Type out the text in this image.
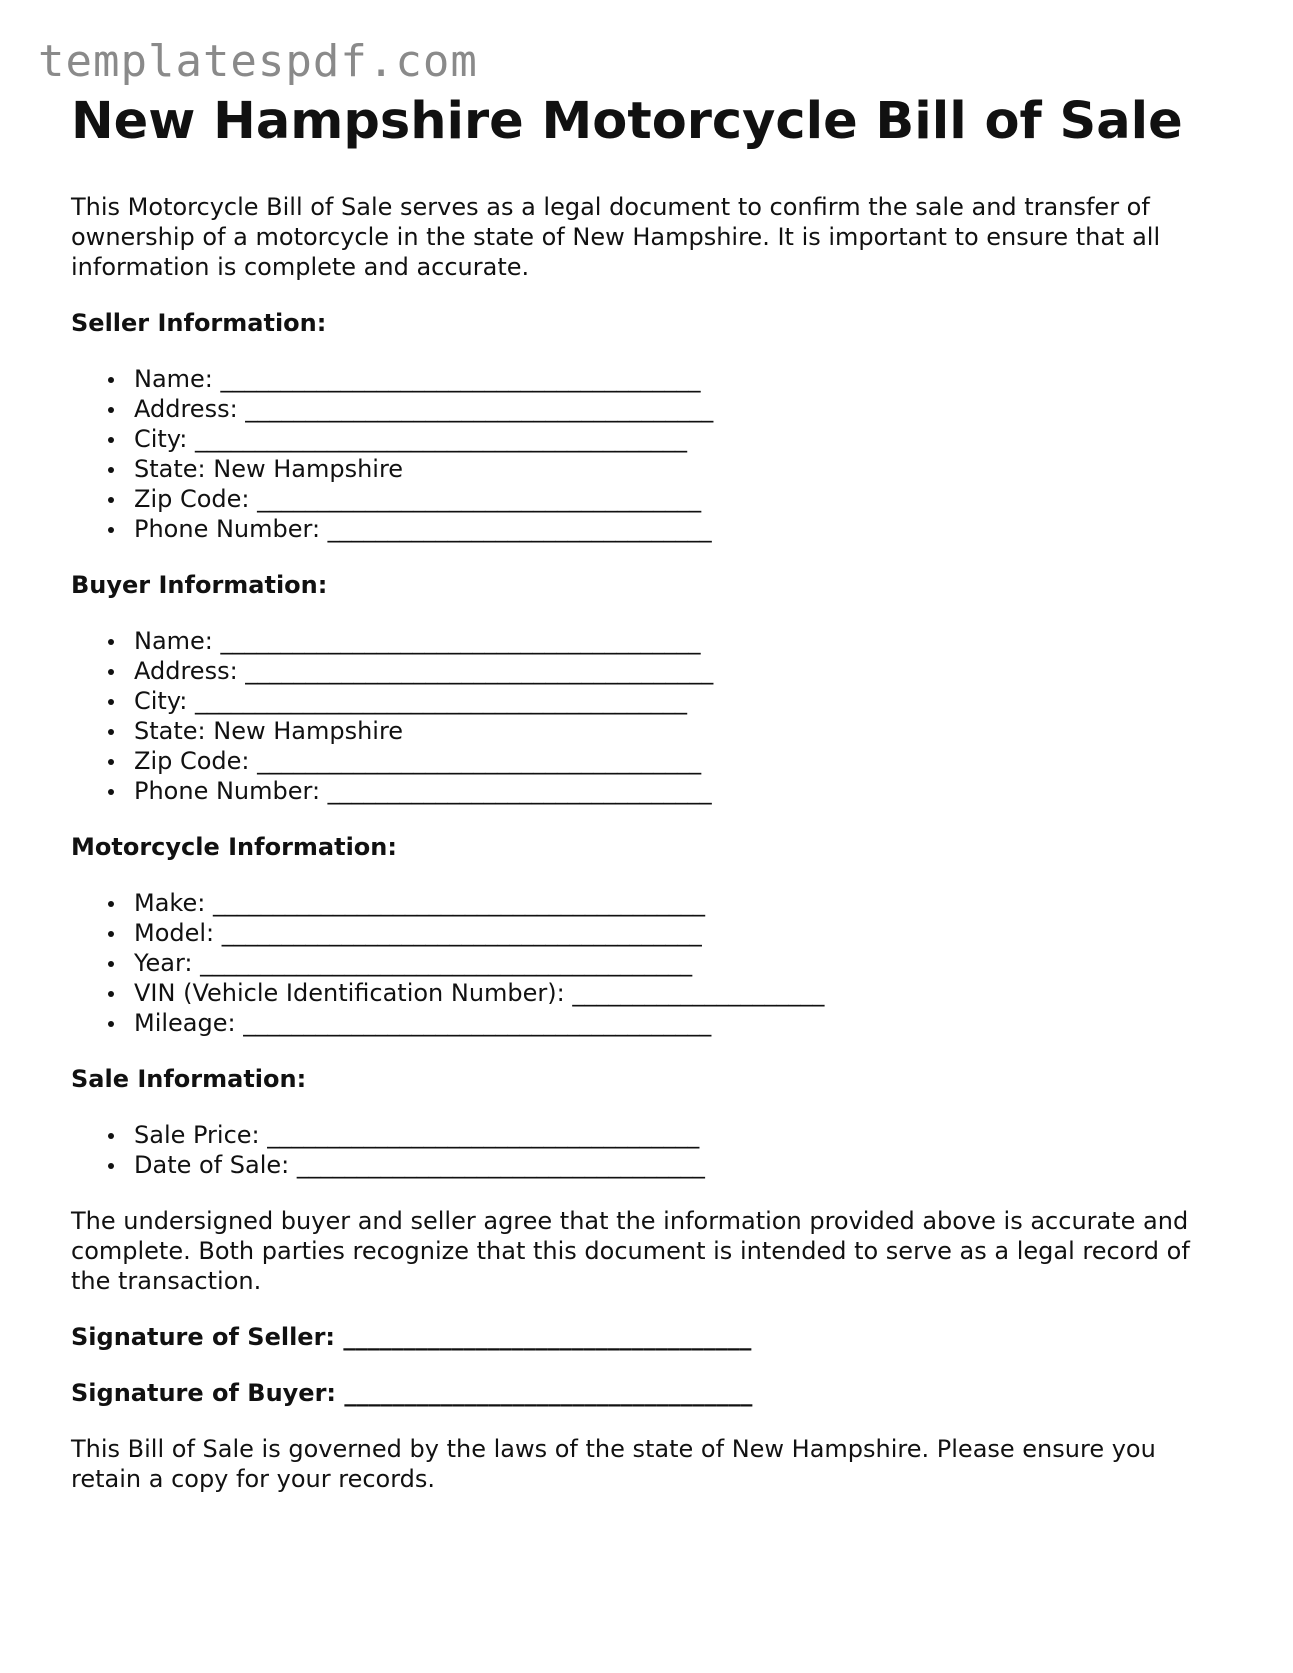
templatespdf.com
New Hampshire Motorcycle Bill of Sale

This Motorcycle Bill of Sale serves as a legal document to confirm the sale and transfer of ownership of a motorcycle in the state of New Hampshire. It is important to ensure that all information is complete and accurate.

Seller Information:
Name: ________________________________________
Address: _______________________________________
City: _________________________________________
State: New Hampshire
Zip Code: _____________________________________
Phone Number: ________________________________
Buyer Information:
Name: ________________________________________
Address: _______________________________________
City: _________________________________________
State: New Hampshire
Zip Code: _____________________________________
Phone Number: ________________________________
Motorcycle Information:
Make: _________________________________________
Model: ________________________________________
Year: _________________________________________
VIN (Vehicle Identification Number): _____________________
Mileage: _______________________________________
Sale Information:
Sale Price: ____________________________________
Date of Sale: __________________________________

The undersigned buyer and seller agree that the information provided above is accurate and complete. Both parties recognize that this document is intended to serve as a legal record of the transaction.

Signature of Seller: __________________________________

Signature of Buyer: __________________________________

This Bill of Sale is governed by the laws of the state of New Hampshire. Please ensure you retain a copy for your records.
